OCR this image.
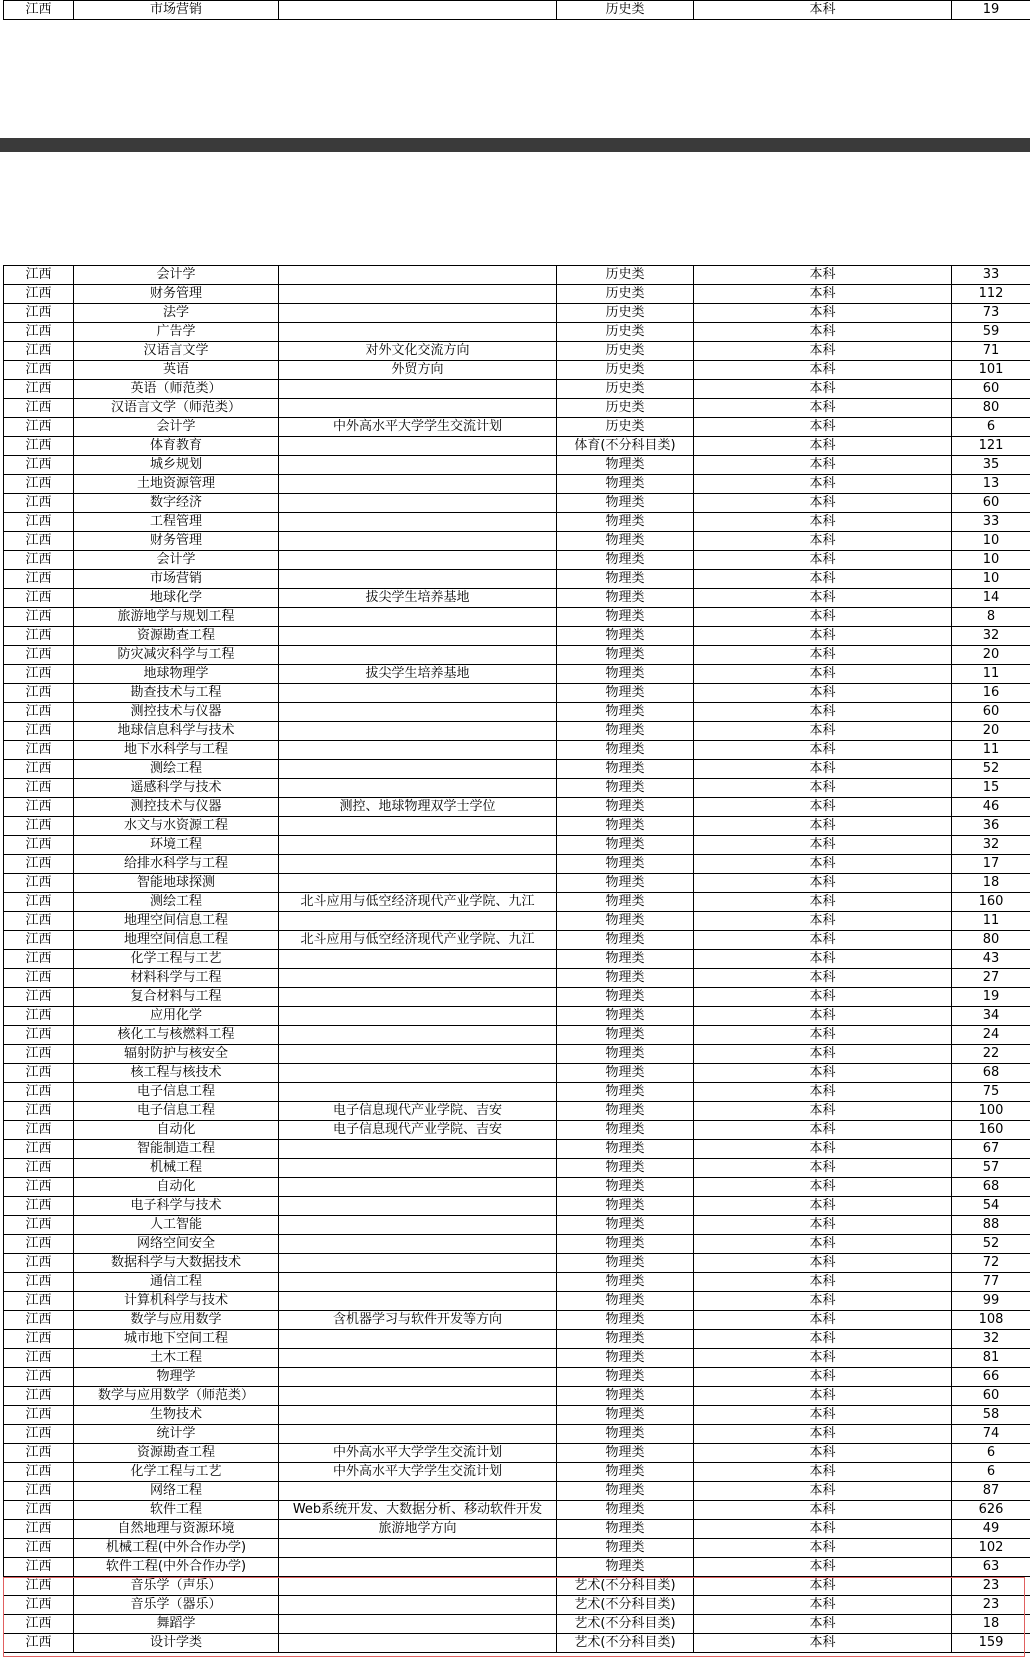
江西	市场营销		历史类	本科	19
江西	会计学		历史类	本科	33
江西	财务管理		历史类	本科	112
江西	法学		历史类	本科	73
江西	广告学		历史类	本科	59
江西	汉语言文学	对外文化交流方向	历史类	本科	71
江西	英语	外贸方向	历史类	本科	101
江西	英语（师范类）		历史类	本科	60
江西	汉语言文学（师范类）		历史类	本科	80
江西	会计学	中外高水平大学学生交流计划	历史类	本科	6
江西	体育教育		体育(不分科目类)	本科	121
江西	城乡规划		物理类	本科	35
江西	土地资源管理		物理类	本科	13
江西	数字经济		物理类	本科	60
江西	工程管理		物理类	本科	33
江西	财务管理		物理类	本科	10
江西	会计学		物理类	本科	10
江西	市场营销		物理类	本科	10
江西	地球化学	拔尖学生培养基地	物理类	本科	14
江西	旅游地学与规划工程		物理类	本科	8
江西	资源勘查工程		物理类	本科	32
江西	防灾减灾科学与工程		物理类	本科	20
江西	地球物理学	拔尖学生培养基地	物理类	本科	11
江西	勘查技术与工程		物理类	本科	16
江西	测控技术与仪器		物理类	本科	60
江西	地球信息科学与技术		物理类	本科	20
江西	地下水科学与工程		物理类	本科	11
江西	测绘工程		物理类	本科	52
江西	遥感科学与技术		物理类	本科	15
江西	测控技术与仪器	测控、地球物理双学士学位	物理类	本科	46
江西	水文与水资源工程		物理类	本科	36
江西	环境工程		物理类	本科	32
江西	给排水科学与工程		物理类	本科	17
江西	智能地球探测		物理类	本科	18
江西	测绘工程	北斗应用与低空经济现代产业学院、九江	物理类	本科	160
江西	地理空间信息工程		物理类	本科	11
江西	地理空间信息工程	北斗应用与低空经济现代产业学院、九江	物理类	本科	80
江西	化学工程与工艺		物理类	本科	43
江西	材料科学与工程		物理类	本科	27
江西	复合材料与工程		物理类	本科	19
江西	应用化学		物理类	本科	34
江西	核化工与核燃料工程		物理类	本科	24
江西	辐射防护与核安全		物理类	本科	22
江西	核工程与核技术		物理类	本科	68
江西	电子信息工程		物理类	本科	75
江西	电子信息工程	电子信息现代产业学院、吉安	物理类	本科	100
江西	自动化	电子信息现代产业学院、吉安	物理类	本科	160
江西	智能制造工程		物理类	本科	67
江西	机械工程		物理类	本科	57
江西	自动化		物理类	本科	68
江西	电子科学与技术		物理类	本科	54
江西	人工智能		物理类	本科	88
江西	网络空间安全		物理类	本科	52
江西	数据科学与大数据技术		物理类	本科	72
江西	通信工程		物理类	本科	77
江西	计算机科学与技术		物理类	本科	99
江西	数学与应用数学	含机器学习与软件开发等方向	物理类	本科	108
江西	城市地下空间工程		物理类	本科	32
江西	土木工程		物理类	本科	81
江西	物理学		物理类	本科	66
江西	数学与应用数学（师范类）		物理类	本科	60
江西	生物技术		物理类	本科	58
江西	统计学		物理类	本科	74
江西	资源勘查工程	中外高水平大学学生交流计划	物理类	本科	6
江西	化学工程与工艺	中外高水平大学学生交流计划	物理类	本科	6
江西	网络工程		物理类	本科	87
江西	软件工程	Web系统开发、大数据分析、移动软件开发	物理类	本科	626
江西	自然地理与资源环境	旅游地学方向	物理类	本科	49
江西	机械工程(中外合作办学)		物理类	本科	102
江西	软件工程(中外合作办学)		物理类	本科	63
江西	音乐学（声乐）		艺术(不分科目类)	本科	23
江西	音乐学（器乐）		艺术(不分科目类)	本科	23
江西	舞蹈学		艺术(不分科目类)	本科	18
江西	设计学类		艺术(不分科目类)	本科	159
